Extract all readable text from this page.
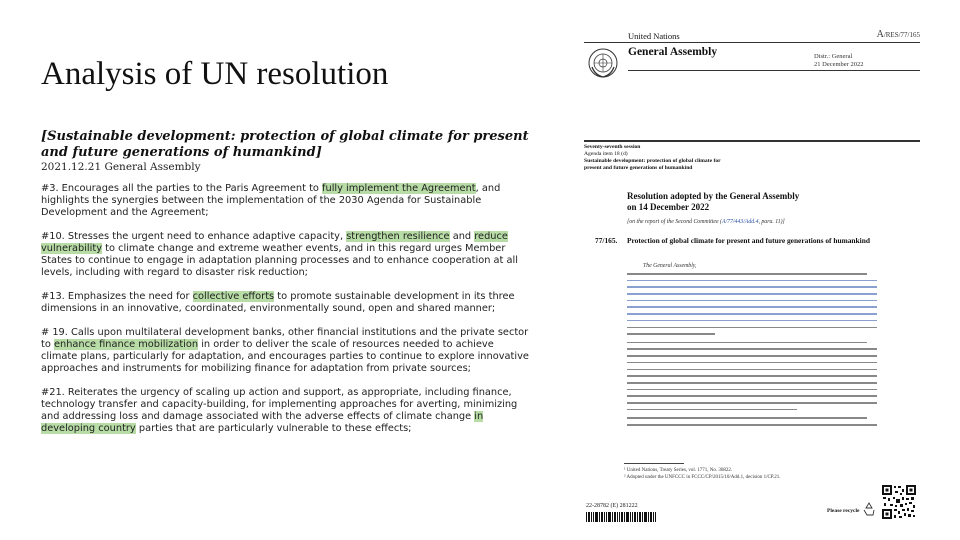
Analysis of UN resolution
[Sustainable development: protection of global climate for present and future generations of humankind]
2021.12.21 General Assembly

#3. Encourages all the parties to the Paris Agreement to fully implement the Agreement, and highlights the synergies between the implementation of the 2030 Agenda for Sustainable Development and the Agreement;

#10. Stresses the urgent need to enhance adaptive capacity, strengthen resilience and reduce vulnerability to climate change and extreme weather events, and in this regard urges Member States to continue to engage in adaptation planning processes and to enhance cooperation at all levels, including with regard to disaster risk reduction;

#13. Emphasizes the need for collective efforts to promote sustainable development in its three dimensions in an innovative, coordinated, environmentally sound, open and shared manner;

# 19. Calls upon multilateral development banks, other financial institutions and the private sector to enhance finance mobilization in order to deliver the scale of resources needed to achieve climate plans, particularly for adaptation, and encourages parties to continue to explore innovative approaches and instruments for mobilizing finance for adaptation from private sources;

#21. Reiterates the urgency of scaling up action and support, as appropriate, including finance, technology transfer and capacity-building, for implementing approaches for averting, minimizing and addressing loss and damage associated with the adverse effects of climate change in developing country parties that are particularly vulnerable to these effects;

United Nations	A/RES/77/165
General Assembly	Distr.: General
21 December 2022
Seventy-seventh session
Agenda item 18 (d)
Sustainable development: protection of global climate for
present and future generations of humankind
Resolution adopted by the General Assembly
on 14 December 2022
[on the report of the Second Committee (A/77/443/Add.4, para. 11)]
77/165. Protection of global climate for present and future generations of humankind
The General Assembly,
¹ United Nations, Treaty Series, vol. 1771, No. 30822.
² Adopted under the UNFCCC in FCCC/CP/2015/10/Add.1, decision 1/CP.21.
22-28782 (E) 281222
Please recycle
